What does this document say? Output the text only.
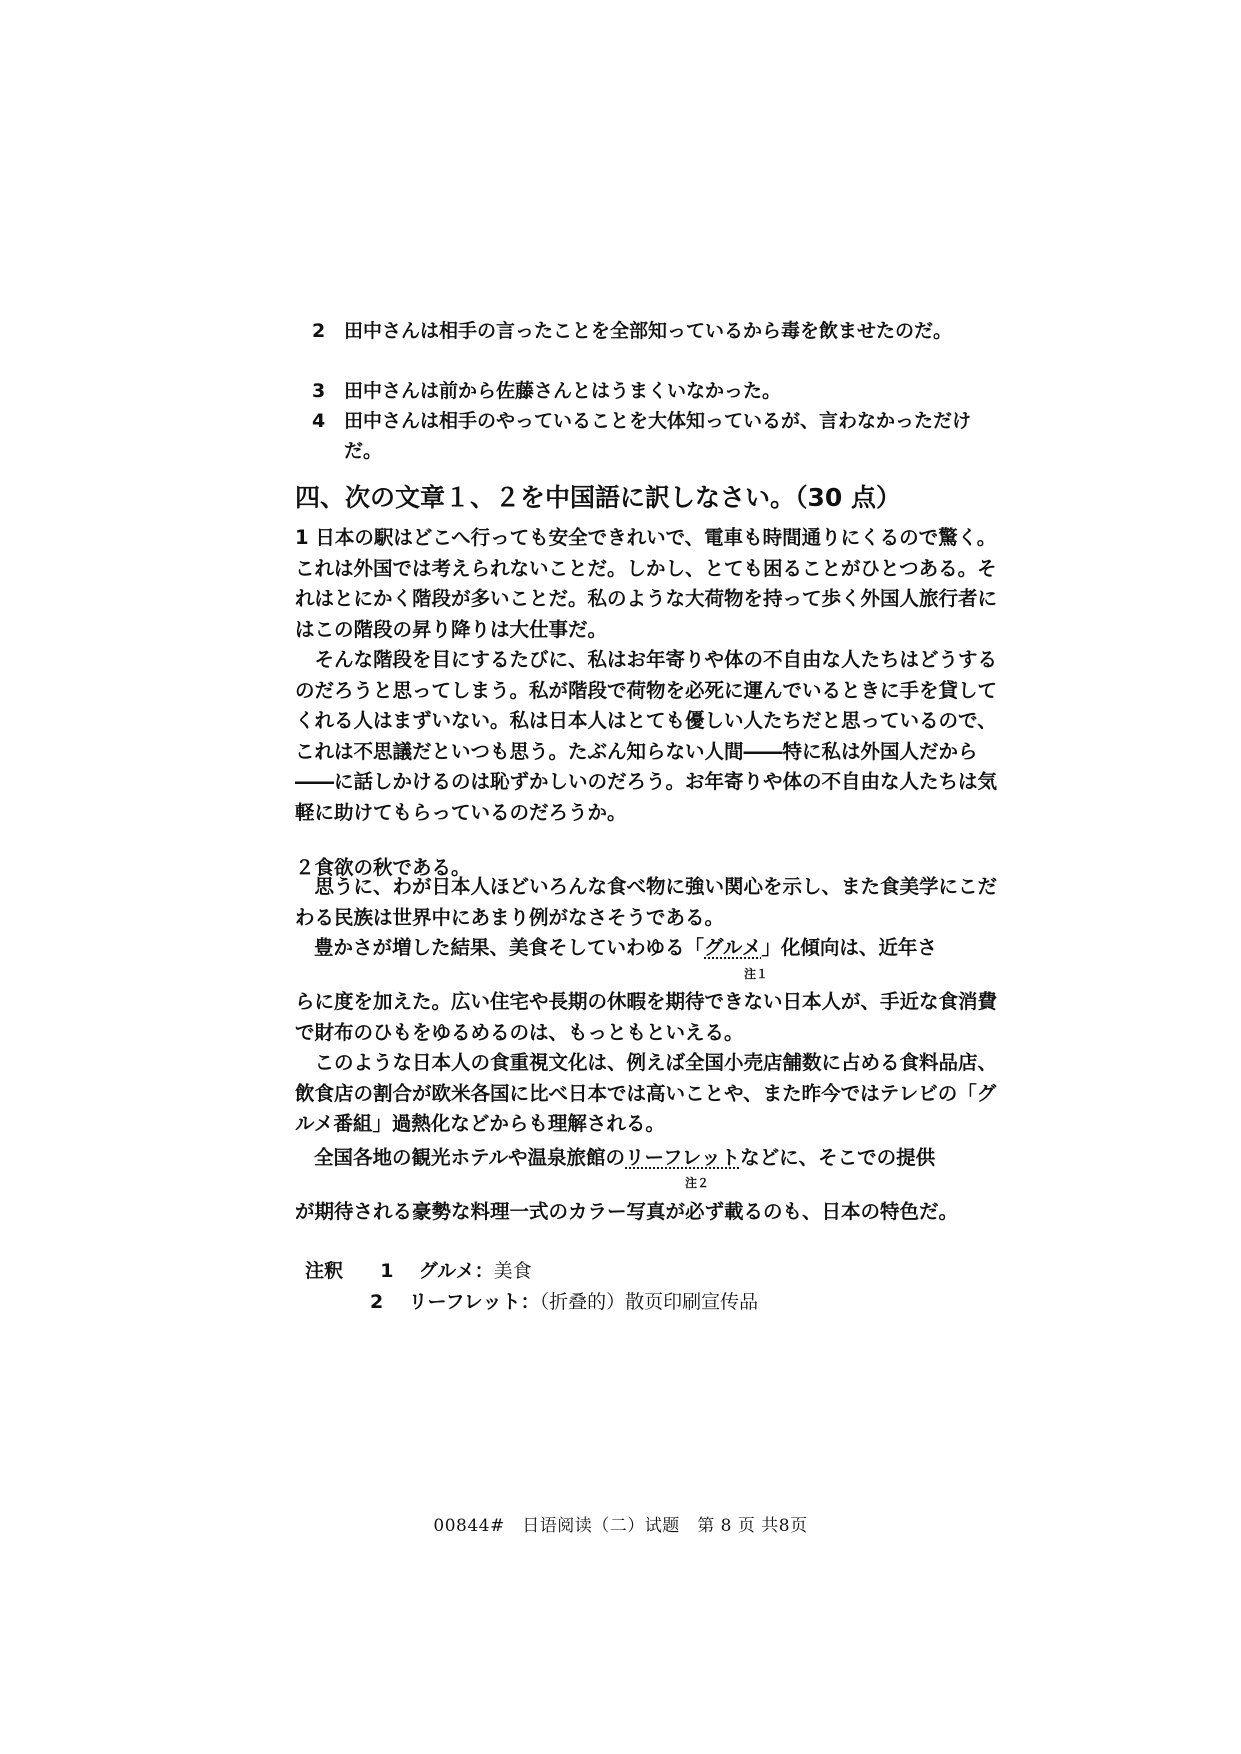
2 田中さんは相手の言ったことを全部知っているから毒を飲ませたのだ。
3 田中さんは前から佐藤さんとはうまくいなかった。
4 田中さんは相手のやっていることを大体知っているが、言わなかっただけだ。
四、次の文章１、２を中国語に訳しなさい。（30 点）
1 日本の駅はどこへ行っても安全できれいで、電車も時間通りにくるので驚く。これは外国では考えられないことだ。しかし、とても困ることがひとつある。それはとにかく階段が多いことだ。私のような大荷物を持って歩く外国人旅行者にはこの階段の昇り降りは大仕事だ。
そんな階段を目にするたびに、私はお年寄りや体の不自由な人たちはどうするのだろうと思ってしまう。私が階段で荷物を必死に運んでいるときに手を貸してくれる人はまずいない。私は日本人はとても優しい人たちだと思っているので、これは不思議だといつも思う。たぶん知らない人間――特に私は外国人だから――に話しかけるのは恥ずかしいのだろう。お年寄りや体の不自由な人たちは気軽に助けてもらっているのだろうか。
２食欲の秋である。
思うに、わが日本人ほどいろんな食べ物に強い関心を示し、また食美学にこだわる民族は世界中にあまり例がなさそうである。
豊かさが増した結果、美食そしていわゆる「グルメ」化傾向は、近年さ
注１
らに度を加えた。広い住宅や長期の休暇を期待できない日本人が、手近な食消費で財布のひもをゆるめるのは、もっともといえる。
このような日本人の食重視文化は、例えば全国小売店舗数に占める食料品店、飲食店の割合が欧米各国に比べ日本では高いことや、また昨今ではテレビの「グルメ番組」過熱化などからも理解される。
全国各地の観光ホテルや温泉旅館のリーフレットなどに、そこでの提供
注２
が期待される豪勢な料理一式のカラー写真が必ず載るのも、日本の特色だ。
注釈 1 グルメ：美食
2 リーフレット：（折叠的）散页印刷宣传品
00844#　日语阅读（二）试题　第 8 页 共8页
